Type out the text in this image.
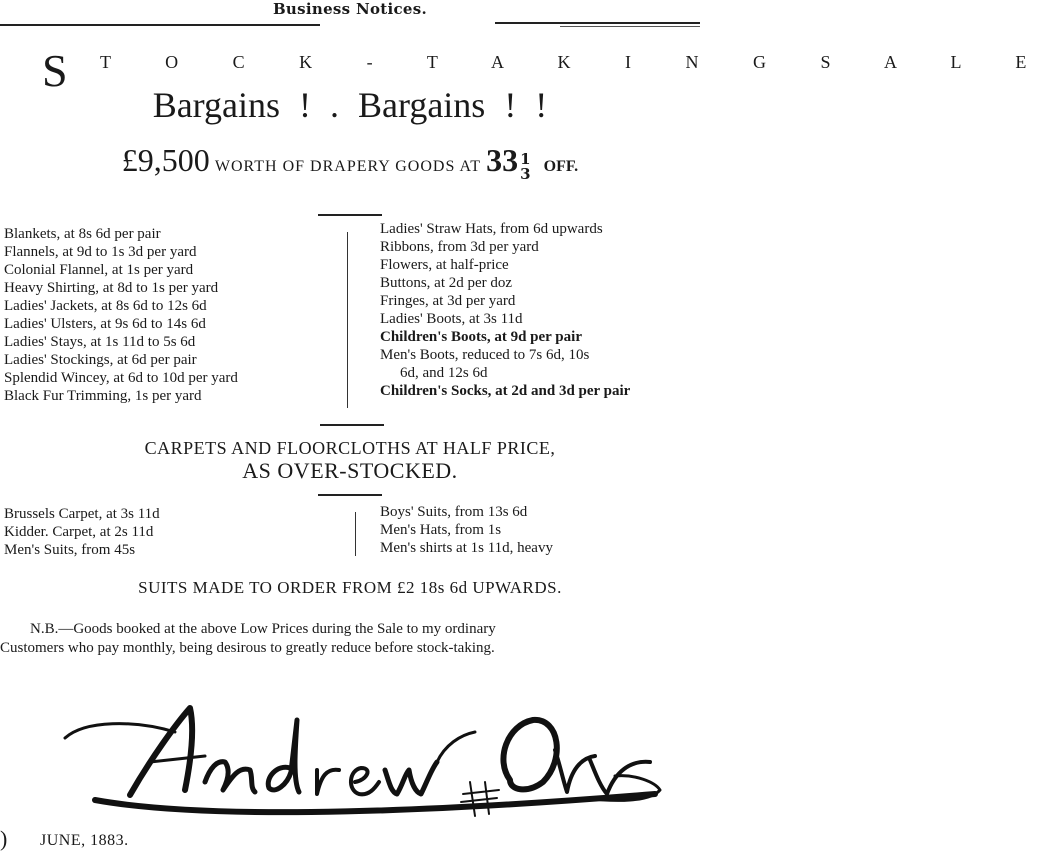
Business Notices.
S T O C K - T A K I N G S A L E
Bargains ! . Bargains ! !
£9,500 WORTH OF DRAPERY GOODS AT 33 1
3 OFF.
Blankets, at 8s 6d per pair
Flannels, at 9d to 1s 3d per yard
Colonial Flannel, at 1s per yard
Heavy Shirting, at 8d to 1s per yard
Ladies' Jackets, at 8s 6d to 12s 6d
Ladies' Ulsters, at 9s 6d to 14s 6d
Ladies' Stays, at 1s 11d to 5s 6d
Ladies' Stockings, at 6d per pair
Splendid Wincey, at 6d to 10d per yard
Black Fur Trimming, 1s per yard
Ladies' Straw Hats, from 6d upwards
Ribbons, from 3d per yard
Flowers, at half-price
Buttons, at 2d per doz
Fringes, at 3d per yard
Ladies' Boots, at 3s 11d
Children's Boots, at 9d per pair
Men's Boots, reduced to 7s 6d, 10s
6d, and 12s 6d
Children's Socks, at 2d and 3d per pair
CARPETS AND FLOORCLOTHS AT HALF PRICE,
AS OVER-STOCKED.
Brussels Carpet, at 3s 11d
Kidder. Carpet, at 2s 11d
Men's Suits, from 45s
Boys' Suits, from 13s 6d
Men's Hats, from 1s
Men's shirts at 1s 11d, heavy
SUITS MADE TO ORDER FROM £2 18s 6d UPWARDS.
N.B.—Goods booked at the above Low Prices during the Sale to my ordinary
Customers who pay monthly, being desirous to greatly reduce before stock-taking.
) JUNE, 1883.
